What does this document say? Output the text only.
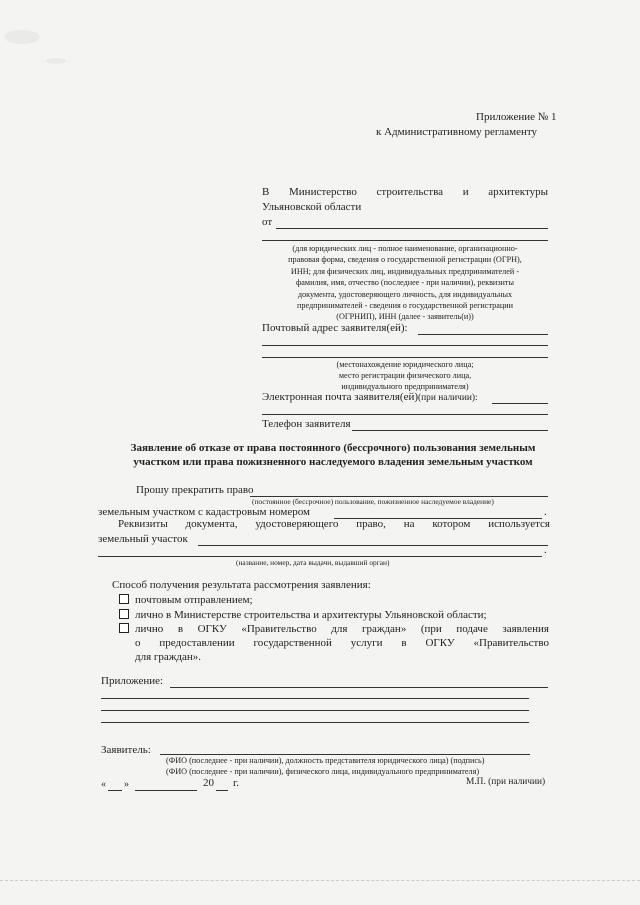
Приложение № 1
к Административному регламенту
В Министерство строительства и архитектуры
Ульяновской области
от
(для юридических лиц - полное наименование, организационно-
правовая форма, сведения о государственной регистрации (ОГРН),
ИНН; для физических лиц, индивидуальных предпринимателей -
фамилия, имя, отчество (последнее - при наличии), реквизиты
документа, удостоверяющего личность, для индивидуальных
предпринимателей - сведения о государственной регистрации
(ОГРНИП), ИНН (далее - заявитель(и))
Почтовый адрес заявителя(ей):
(местонахождение юридического лица;
место регистрации физического лица,
индивидуального предпринимателя)
Электронная почта заявителя(ей)(при наличии):
Телефон заявителя
Заявление об отказе от права постоянного (бессрочного) пользования земельным
участком или права пожизненного наследуемого владения земельным участком
Прошу прекратить право
(постоянное (бессрочное) пользование, пожизненное наследуемое владение)
земельным участком с кадастровым номером	.
Реквизиты документа, удостоверяющего право, на котором используется
земельный участок
.
(название, номер, дата выдачи, выдавший орган)
Способ получения результата рассмотрения заявления:
почтовым отправлением;
лично в Министерстве строительства и архитектуры Ульяновской области;
лично в ОГКУ «Правительство для граждан» (при подаче заявления
о предоставлении государственной услуги в ОГКУ «Правительство
для граждан».
Приложение:
Заявитель:
(ФИО (последнее - при наличии), должность представителя юридического лица) (подпись)
(ФИО (последнее - при наличии), физического лица, индивидуального предпринимателя)
« »	20 г.	М.П. (при наличии)
